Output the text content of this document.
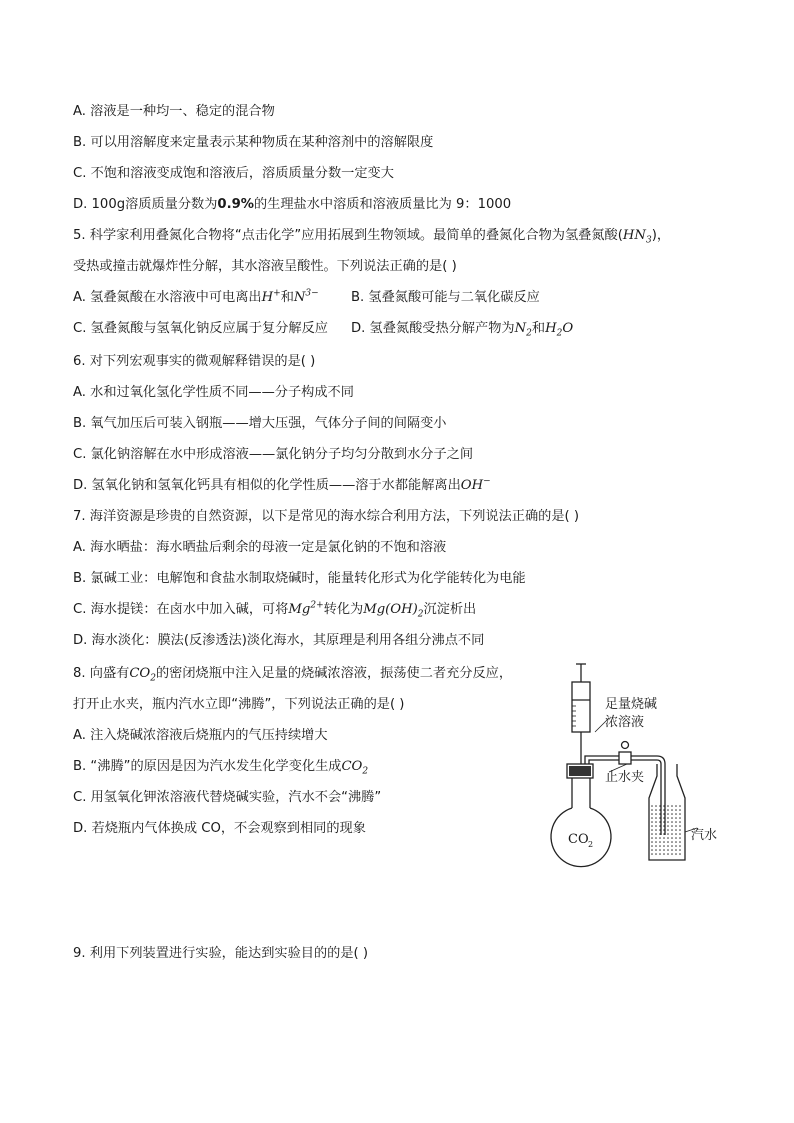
A. 溶液是一种均一、稳定的混合物
B. 可以用溶解度来定量表示某种物质在某种溶剂中的溶解限度
C. 不饱和溶液变成饱和溶液后，溶质质量分数一定变大
D. 100g溶质质量分数为0.9%的生理盐水中溶质和溶液质量比为 9：1000
5. 科学家利用叠氮化合物将“点击化学”应用拓展到生物领域。最简单的叠氮化合物为氢叠氮酸$(HN_3)$，
受热或撞击就爆炸性分解，其水溶液呈酸性。下列说法正确的是( )
A. 氢叠氮酸在水溶液中可电离出H+和$N^{3-}$ B. 氢叠氮酸可能与二氧化碳反应
C. 氢叠氮酸与氢氧化钠反应属于复分解反应 D. 氢叠氮酸受热分解产物为$N_2$和$H_2O$
6. 对下列宏观事实的微观解释错误的是( )
A. 水和过氧化氢化学性质不同——分子构成不同
B. 氧气加压后可装入钢瓶——增大压强，气体分子间的间隔变小
C. 氯化钠溶解在水中形成溶液——氯化钠分子均匀分散到水分子之间
D. 氢氧化钠和氢氧化钙具有相似的化学性质——溶于水都能解离出OH−
7. 海洋资源是珍贵的自然资源，以下是常见的海水综合利用方法，下列说法正确的是( )
A. 海水晒盐：海水晒盐后剩余的母液一定是氯化钠的不饱和溶液
B. 氯碱工业：电解饱和食盐水制取烧碱时，能量转化形式为化学能转化为电能
C. 海水提镁：在卤水中加入碱，可将$Mg^{2+}$转化为$Mg(OH)_2$沉淀析出
D. 海水淡化：膜法(反渗透法)淡化海水，其原理是利用各组分沸点不同
8. 向盛有$CO_2$的密闭烧瓶中注入足量的烧碱浓溶液，振荡使二者充分反应，
打开止水夹，瓶内汽水立即“沸腾”，下列说法正确的是( )
A. 注入烧碱浓溶液后烧瓶内的气压持续增大
B. “沸腾”的原因是因为汽水发生化学变化生成$CO_2$
C. 用氢氧化钾浓溶液代替烧碱实验，汽水不会“沸腾”
D. 若烧瓶内气体换成 CO，不会观察到相同的现象
足量烧碱
浓溶液
止水夹
汽水
CO 2
9. 利用下列装置进行实验，能达到实验目的的是( )
